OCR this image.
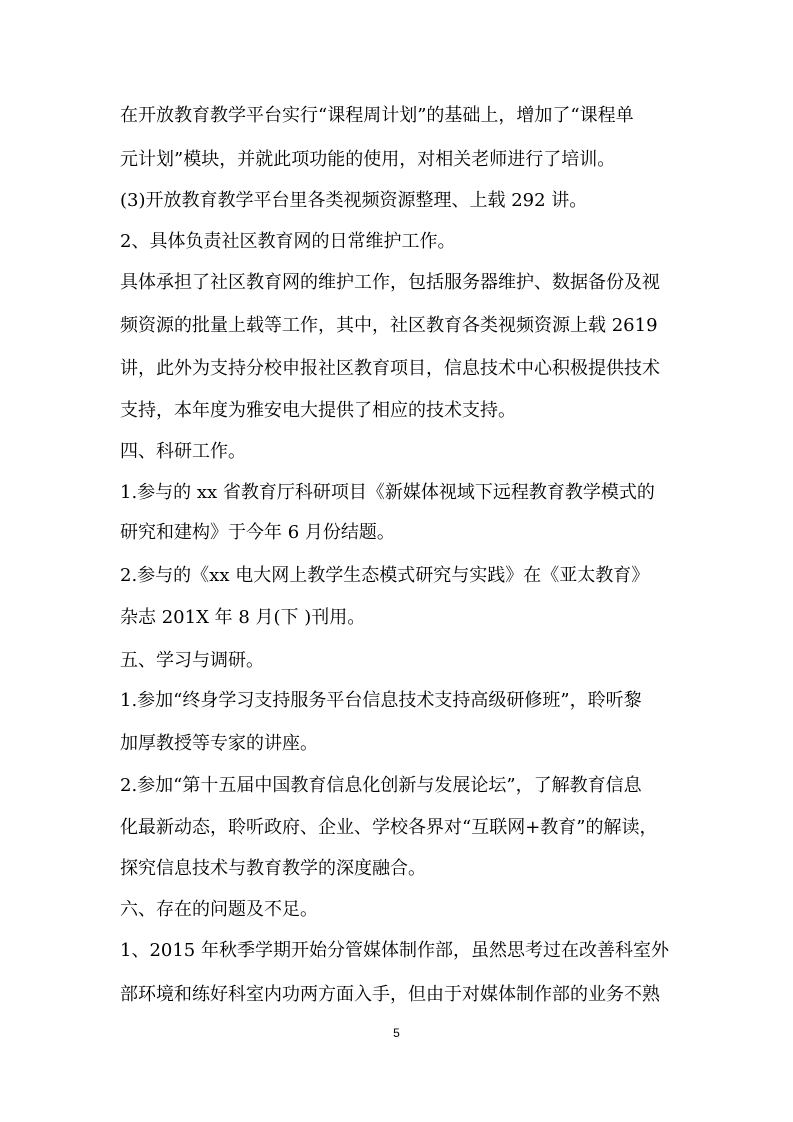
在开放教育教学平台实行“课程周计划”的基础上，增加了“课程单
元计划”模块，并就此项功能的使用，对相关老师进行了培训。
(3)开放教育教学平台里各类视频资源整理、上载 292 讲。
2、具体负责社区教育网的日常维护工作。
具体承担了社区教育网的维护工作，包括服务器维护、数据备份及视
频资源的批量上载等工作，其中，社区教育各类视频资源上载 2619
讲，此外为支持分校申报社区教育项目，信息技术中心积极提供技术
支持，本年度为雅安电大提供了相应的技术支持。
四、科研工作。
1.参与的 xx 省教育厅科研项目《新媒体视域下远程教育教学模式的
研究和建构》于今年 6 月份结题。
2.参与的《xx 电大网上教学生态模式研究与实践》在《亚太教育》
杂志 201X 年 8 月(下 )刊用。
五、学习与调研。
1.参加“终身学习支持服务平台信息技术支持高级研修班”，聆听黎
加厚教授等专家的讲座。
2.参加“第十五届中国教育信息化创新与发展论坛”，了解教育信息
化最新动态，聆听政府、企业、学校各界对“互联网+教育”的解读，
探究信息技术与教育教学的深度融合。
六、存在的问题及不足。
1、2015 年秋季学期开始分管媒体制作部，虽然思考过在改善科室外
部环境和练好科室内功两方面入手，但由于对媒体制作部的业务不熟
5
